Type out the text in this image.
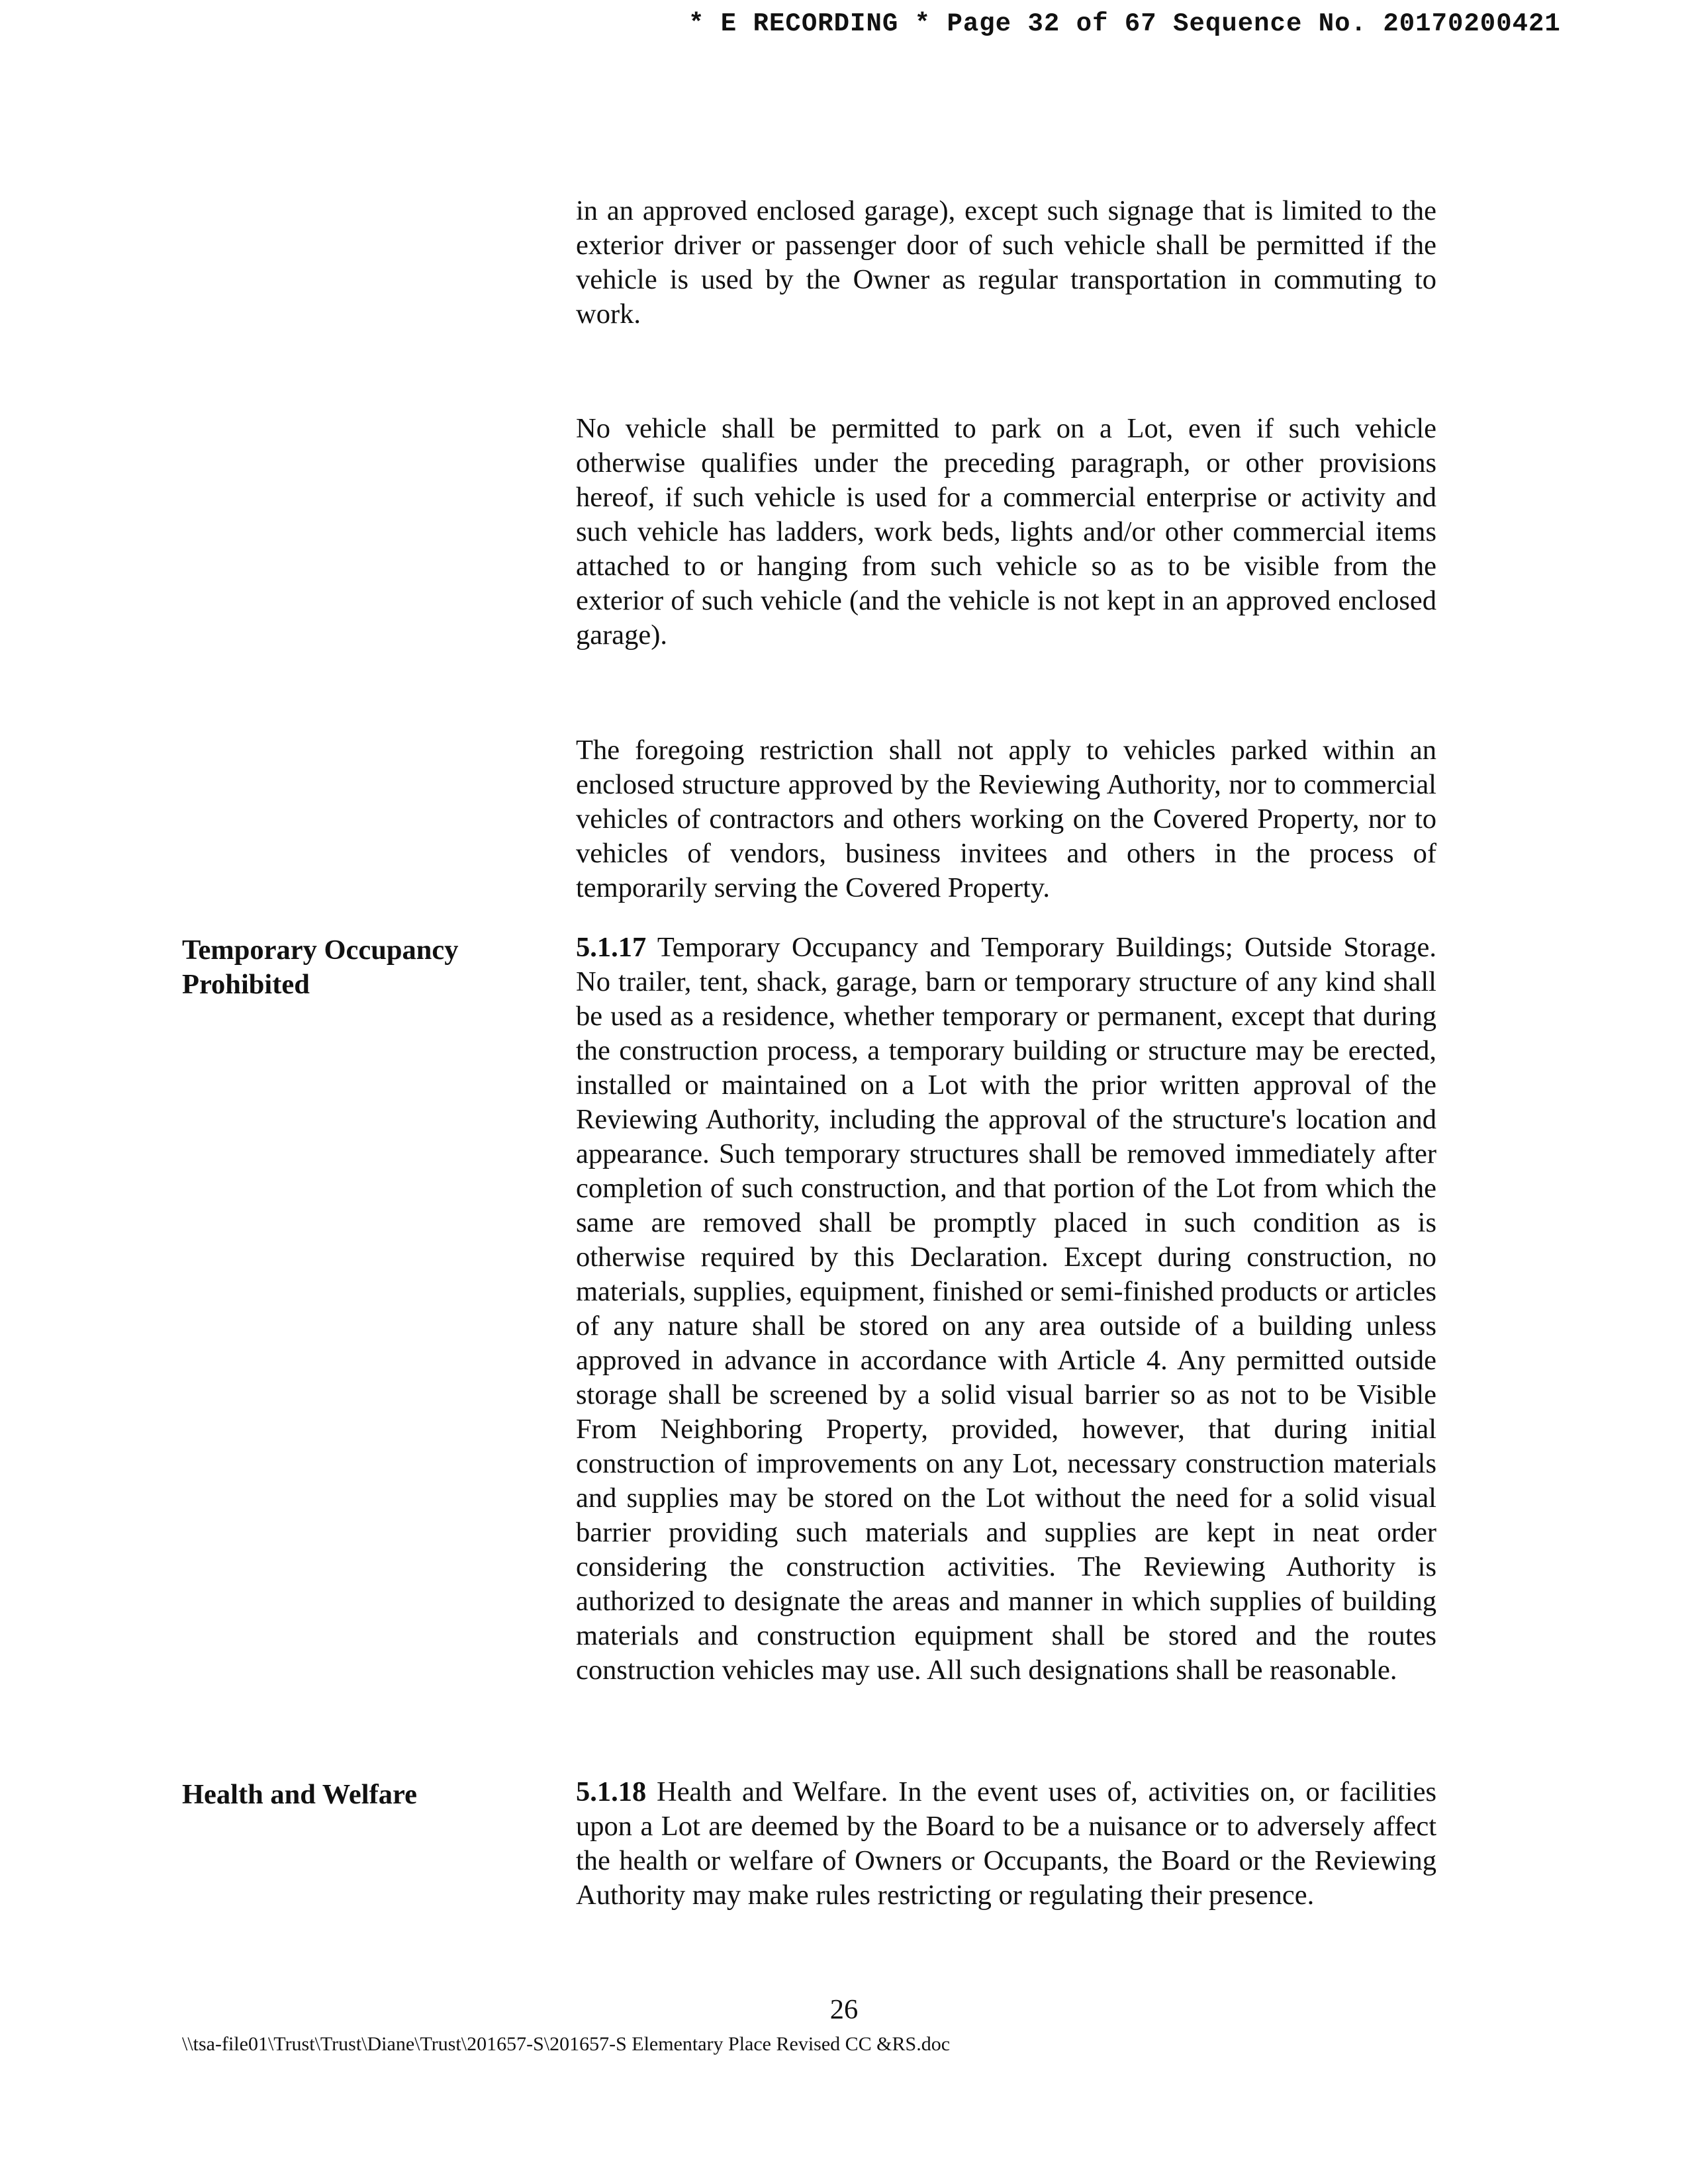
* E RECORDING * Page 32 of 67 Sequence No. 20170200421
in an approved enclosed garage), except such signage that is limited to the exterior driver or passenger door of such vehicle shall be permitted if the vehicle is used by the Owner as regular transportation in commuting to work.
No vehicle shall be permitted to park on a Lot, even if such vehicle otherwise qualifies under the preceding paragraph, or other provisions hereof, if such vehicle is used for a commercial enterprise or activity and such vehicle has ladders, work beds, lights and/or other commercial items attached to or hanging from such vehicle so as to be visible from the exterior of such vehicle (and the vehicle is not kept in an approved enclosed garage).
The foregoing restriction shall not apply to vehicles parked within an enclosed structure approved by the Reviewing Authority, nor to commercial vehicles of contractors and others working on the Covered Property, nor to vehicles of vendors, business invitees and others in the process of temporarily serving the Covered Property.
Temporary Occupancy Prohibited
5.1.17 Temporary Occupancy and Temporary Buildings; Outside Storage. No trailer, tent, shack, garage, barn or temporary structure of any kind shall be used as a residence, whether temporary or permanent, except that during the construction process, a temporary building or structure may be erected, installed or maintained on a Lot with the prior written approval of the Reviewing Authority, including the approval of the structure's location and appearance. Such temporary structures shall be removed immediately after completion of such construction, and that portion of the Lot from which the same are removed shall be promptly placed in such condition as is otherwise required by this Declaration. Except during construction, no materials, supplies, equipment, finished or semi-finished products or articles of any nature shall be stored on any area outside of a building unless approved in advance in accordance with Article 4. Any permitted outside storage shall be screened by a solid visual barrier so as not to be Visible From Neighboring Property, provided, however, that during initial construction of improvements on any Lot, necessary construction materials and supplies may be stored on the Lot without the need for a solid visual barrier providing such materials and supplies are kept in neat order considering the construction activities. The Reviewing Authority is authorized to designate the areas and manner in which supplies of building materials and construction equipment shall be stored and the routes construction vehicles may use. All such designations shall be reasonable.
Health and Welfare	5.1.18 Health and Welfare. In the event uses of, activities on, or facilities upon a Lot are deemed by the Board to be a nuisance or to adversely affect the health or welfare of Owners or Occupants, the Board or the Reviewing Authority may make rules restricting or regulating their presence.
26
\\tsa-file01\Trust\Trust\Diane\Trust\201657-S\201657-S Elementary Place Revised CC &RS.doc
